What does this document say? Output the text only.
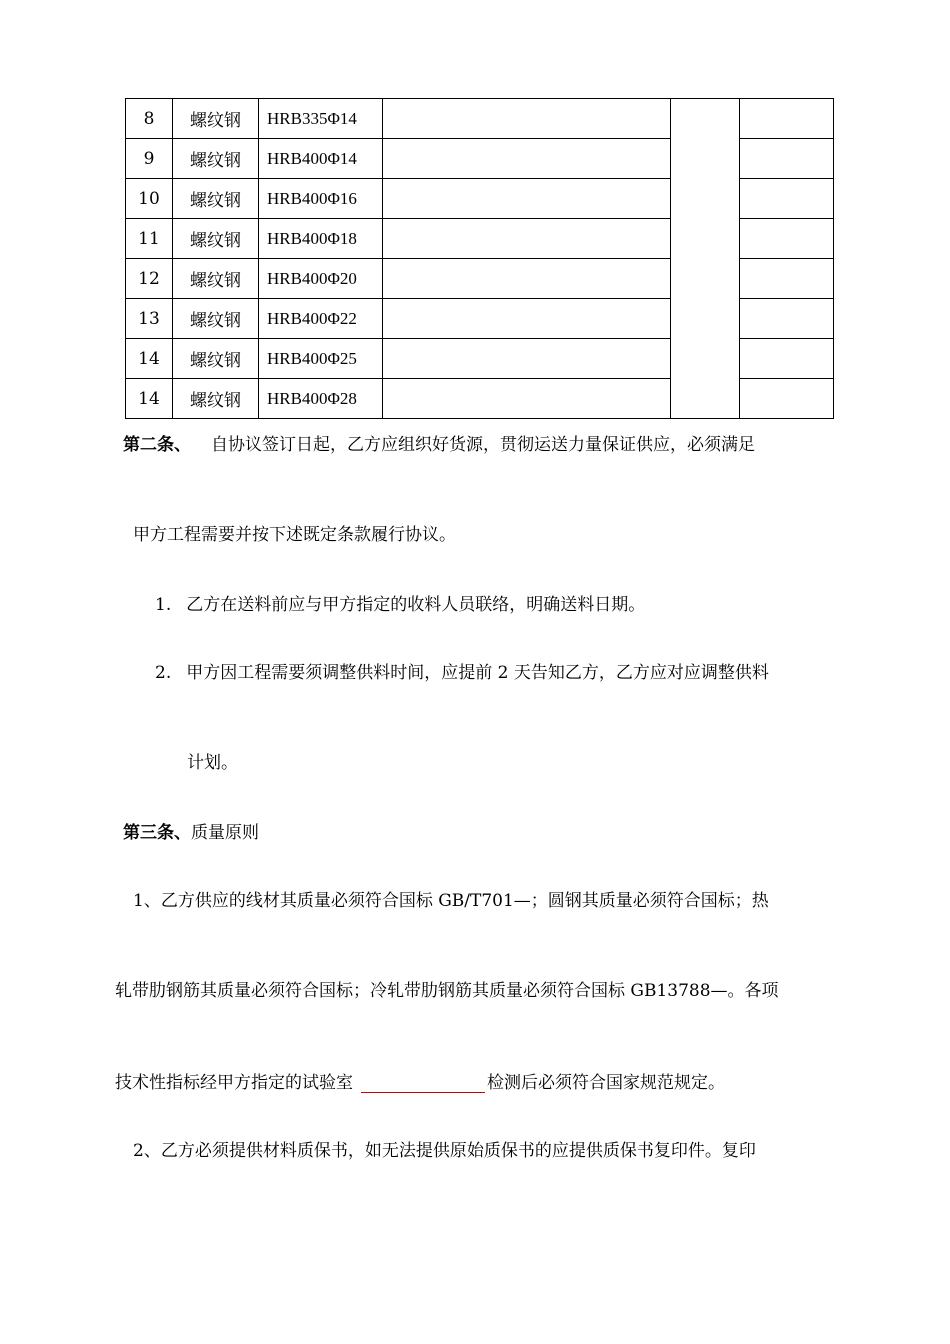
8	螺纹钢	HRB335Φ14			
9	螺纹钢	HRB400Φ14			
10	螺纹钢	HRB400Φ16			
11	螺纹钢	HRB400Φ18			
12	螺纹钢	HRB400Φ20			
13	螺纹钢	HRB400Φ22			
14	螺纹钢	HRB400Φ25			
14	螺纹钢	HRB400Φ28			
第二条、 自协议签订日起，乙方应组织好货源，贯彻运送力量保证供应，必须满足
甲方工程需要并按下述既定条款履行协议。
1. 乙方在送料前应与甲方指定的收料人员联络，明确送料日期。
2. 甲方因工程需要须调整供料时间，应提前 2 天告知乙方，乙方应对应调整供料
计划。
第三条、质量原则
1、乙方供应的线材其质量必须符合国标 GB/T701—；圆钢其质量必须符合国标；热
轧带肋钢筋其质量必须符合国标；冷轧带肋钢筋其质量必须符合国标 GB13788—。各项
技术性指标经甲方指定的试验室	检测后必须符合国家规范规定。
2、乙方必须提供材料质保书，如无法提供原始质保书的应提供质保书复印件。复印
